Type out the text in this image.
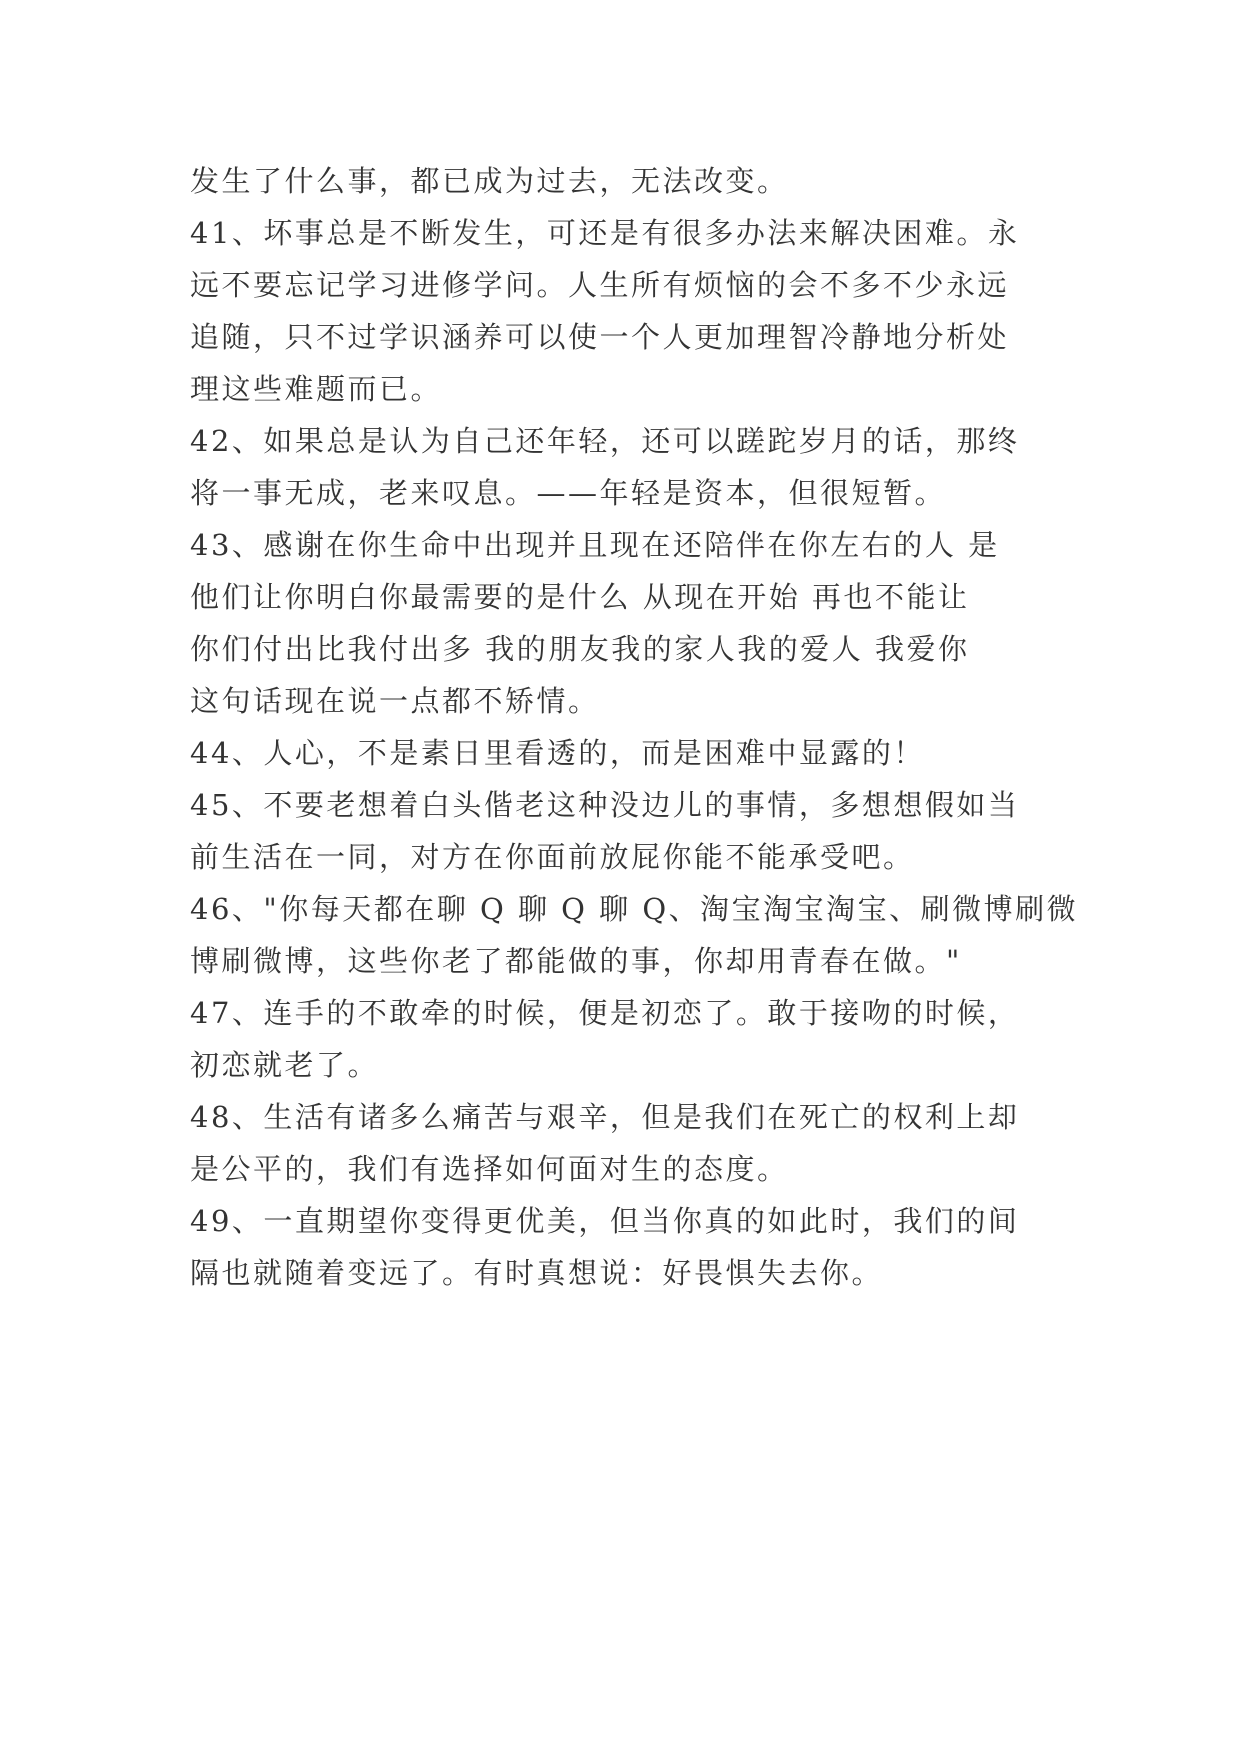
发生了什么事，都已成为过去，无法改变。
41、坏事总是不断发生，可还是有很多办法来解决困难。永
远不要忘记学习进修学问。人生所有烦恼的会不多不少永远
追随，只不过学识涵养可以使一个人更加理智冷静地分析处
理这些难题而已。
42、如果总是认为自己还年轻，还可以蹉跎岁月的话，那终
将一事无成，老来叹息。——年轻是资本，但很短暂。
43、感谢在你生命中出现并且现在还陪伴在你左右的人 是
他们让你明白你最需要的是什么 从现在开始 再也不能让
你们付出比我付出多 我的朋友我的家人我的爱人 我爱你
这句话现在说一点都不矫情。
44、人心，不是素日里看透的，而是困难中显露的！
45、不要老想着白头偕老这种没边儿的事情，多想想假如当
前生活在一同，对方在你面前放屁你能不能承受吧。
46、"你每天都在聊 Q 聊 Q 聊 Q、淘宝淘宝淘宝、刷微博刷微
博刷微博，这些你老了都能做的事，你却用青春在做。"
47、连手的不敢牵的时候，便是初恋了。敢于接吻的时候，
初恋就老了。
48、生活有诸多么痛苦与艰辛，但是我们在死亡的权利上却
是公平的，我们有选择如何面对生的态度。
49、一直期望你变得更优美，但当你真的如此时，我们的间
隔也就随着变远了。有时真想说：好畏惧失去你。
